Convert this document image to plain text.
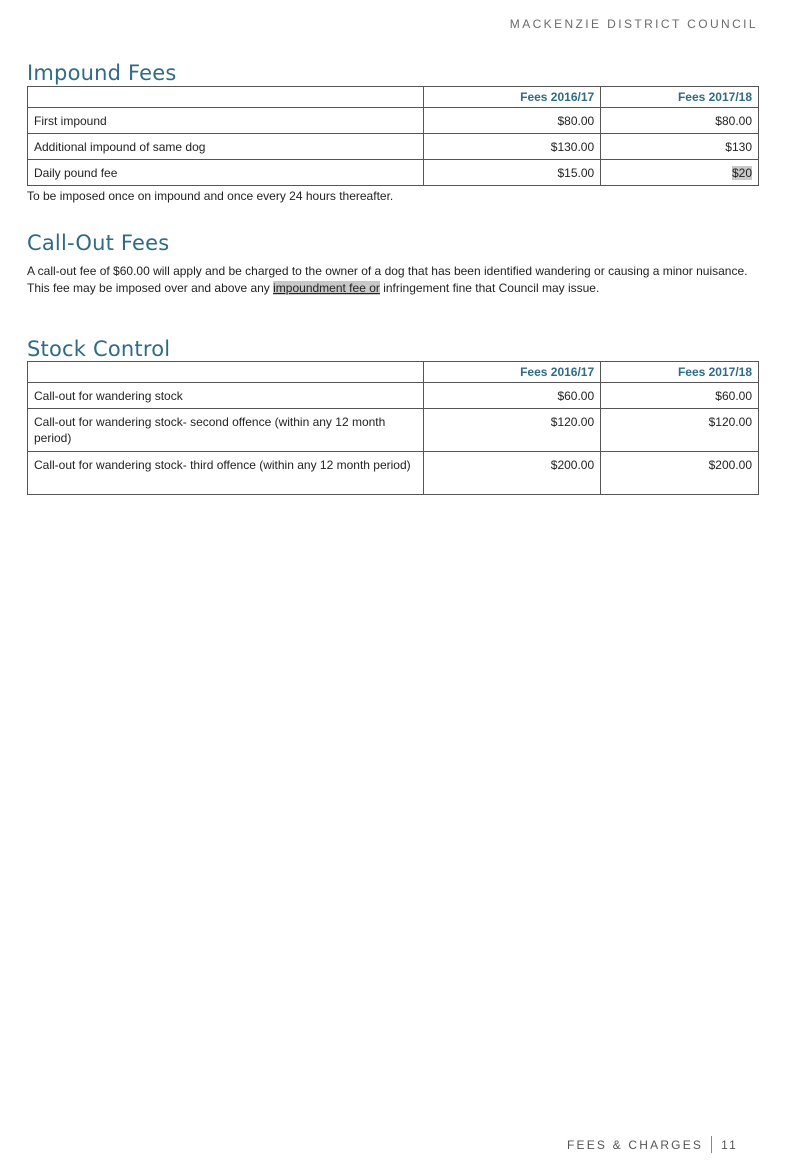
MACKENZIE DISTRICT COUNCIL
Impound Fees
	Fees 2016/17	Fees 2017/18
First impound	$80.00	$80.00
Additional impound of same dog	$130.00	$130
Daily pound fee	$15.00	$20

To be imposed once on impound and once every 24 hours thereafter.

Call-Out Fees

A call-out fee of $60.00 will apply and be charged to the owner of a dog that has been identified wandering or causing a minor nuisance.
This fee may be imposed over and above any impoundment fee or infringement fine that Council may issue.

Stock Control
	Fees 2016/17	Fees 2017/18
Call-out for wandering stock	$60.00	$60.00
Call-out for wandering stock- second offence (within any 12 month period)	$120.00	$120.00
Call-out for wandering stock- third offence (within any 12 month period)	$200.00	$200.00
FEES & CHARGES 11
